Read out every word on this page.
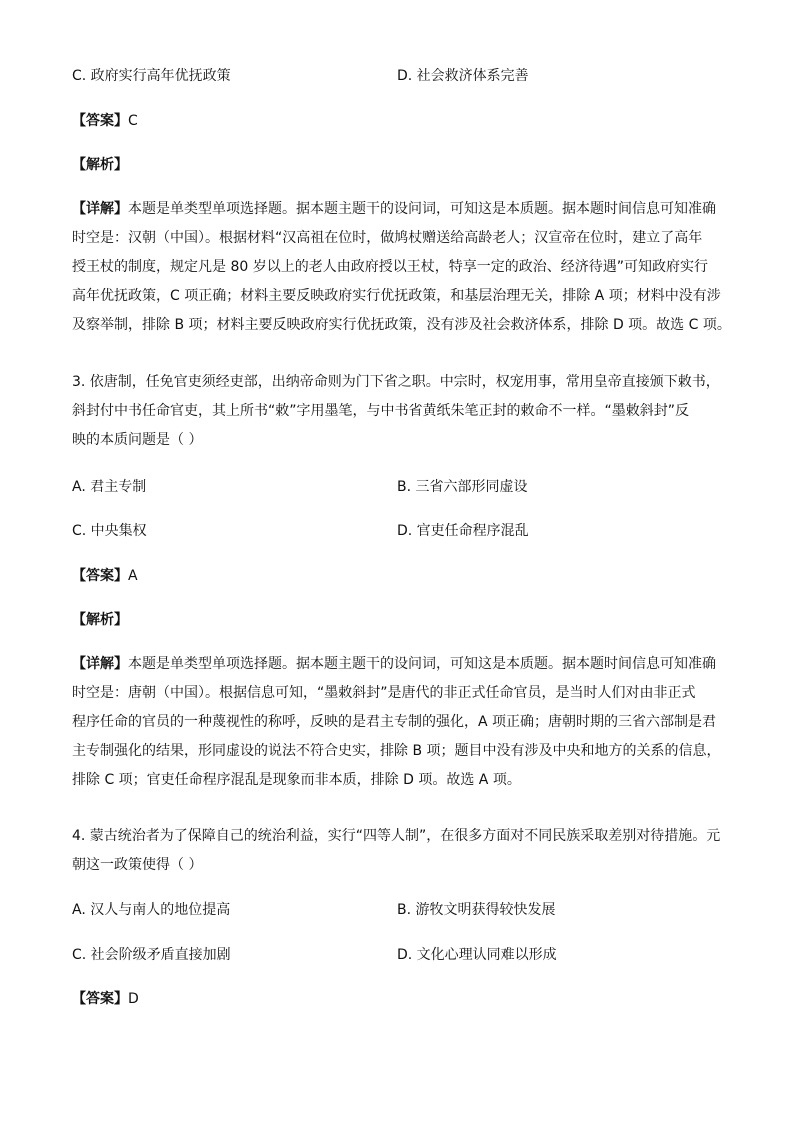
C. 政府实行高年优抚政策	D. 社会救济体系完善
【答案】C
【解析】
【详解】本题是单类型单项选择题。据本题主题干的设问词，可知这是本质题。据本题时间信息可知准确
时空是：汉朝（中国）。根据材料“汉高祖在位时，做鸠杖赠送给高龄老人；汉宣帝在位时，建立了高年
授王杖的制度，规定凡是 80 岁以上的老人由政府授以王杖，特享一定的政治、经济待遇”可知政府实行
高年优抚政策，C 项正确；材料主要反映政府实行优抚政策，和基层治理无关，排除 A 项；材料中没有涉
及察举制，排除 B 项；材料主要反映政府实行优抚政策，没有涉及社会救济体系，排除 D 项。故选 C 项。
3. 依唐制，任免官吏须经吏部，出纳帝命则为门下省之职。中宗时，权宠用事，常用皇帝直接颁下敕书，
斜封付中书任命官吏，其上所书“敕”字用墨笔，与中书省黄纸朱笔正封的敕命不一样。“墨敕斜封”反
映的本质问题是（ ）
A. 君主专制	B. 三省六部形同虚设
C. 中央集权	D. 官吏任命程序混乱
【答案】A
【解析】
【详解】本题是单类型单项选择题。据本题主题干的设问词，可知这是本质题。据本题时间信息可知准确
时空是：唐朝（中国）。根据信息可知，“墨敕斜封”是唐代的非正式任命官员，是当时人们对由非正式
程序任命的官员的一种蔑视性的称呼，反映的是君主专制的强化，A 项正确；唐朝时期的三省六部制是君
主专制强化的结果，形同虚设的说法不符合史实，排除 B 项；题目中没有涉及中央和地方的关系的信息，
排除 C 项；官吏任命程序混乱是现象而非本质，排除 D 项。故选 A 项。
4. 蒙古统治者为了保障自己的统治利益，实行“四等人制”，在很多方面对不同民族采取差别对待措施。元
朝这一政策使得（ ）
A. 汉人与南人的地位提高	B. 游牧文明获得较快发展
C. 社会阶级矛盾直接加剧	D. 文化心理认同难以形成
【答案】D
